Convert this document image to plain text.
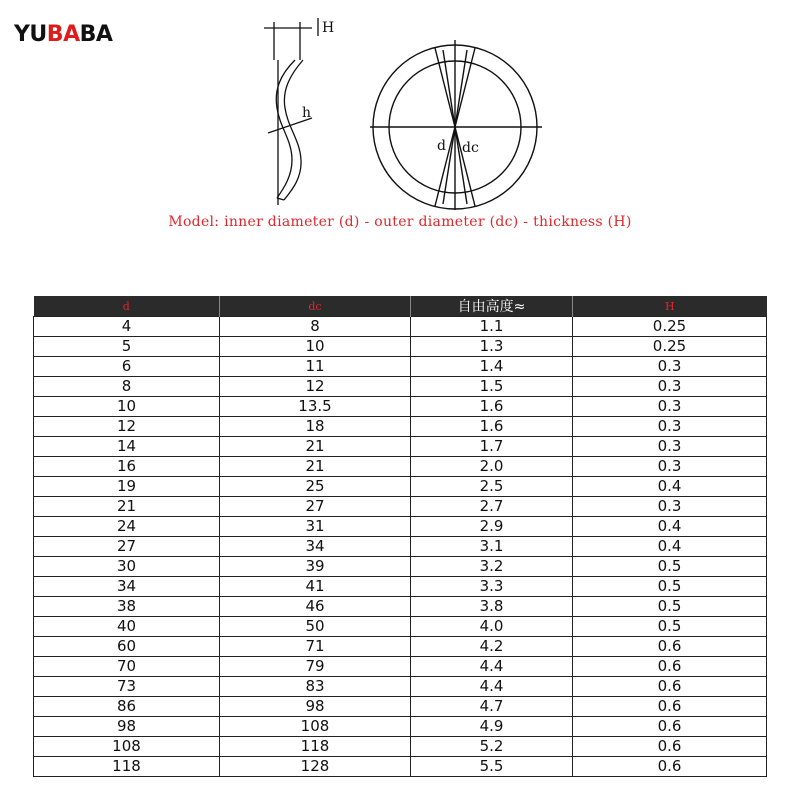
YUBABA	H
h
d dc
Model: inner diameter (d) - outer diameter (dc) - thickness (H)
d	dc	自由高度≈	H
4	8	1.1	0.25
5	10	1.3	0.25
6	11	1.4	0.3
8	12	1.5	0.3
10	13.5	1.6	0.3
12	18	1.6	0.3
14	21	1.7	0.3
16	21	2.0	0.3
19	25	2.5	0.4
21	27	2.7	0.3
24	31	2.9	0.4
27	34	3.1	0.4
30	39	3.2	0.5
34	41	3.3	0.5
38	46	3.8	0.5
40	50	4.0	0.5
60	71	4.2	0.6
70	79	4.4	0.6
73	83	4.4	0.6
86	98	4.7	0.6
98	108	4.9	0.6
108	118	5.2	0.6
118	128	5.5	0.6
